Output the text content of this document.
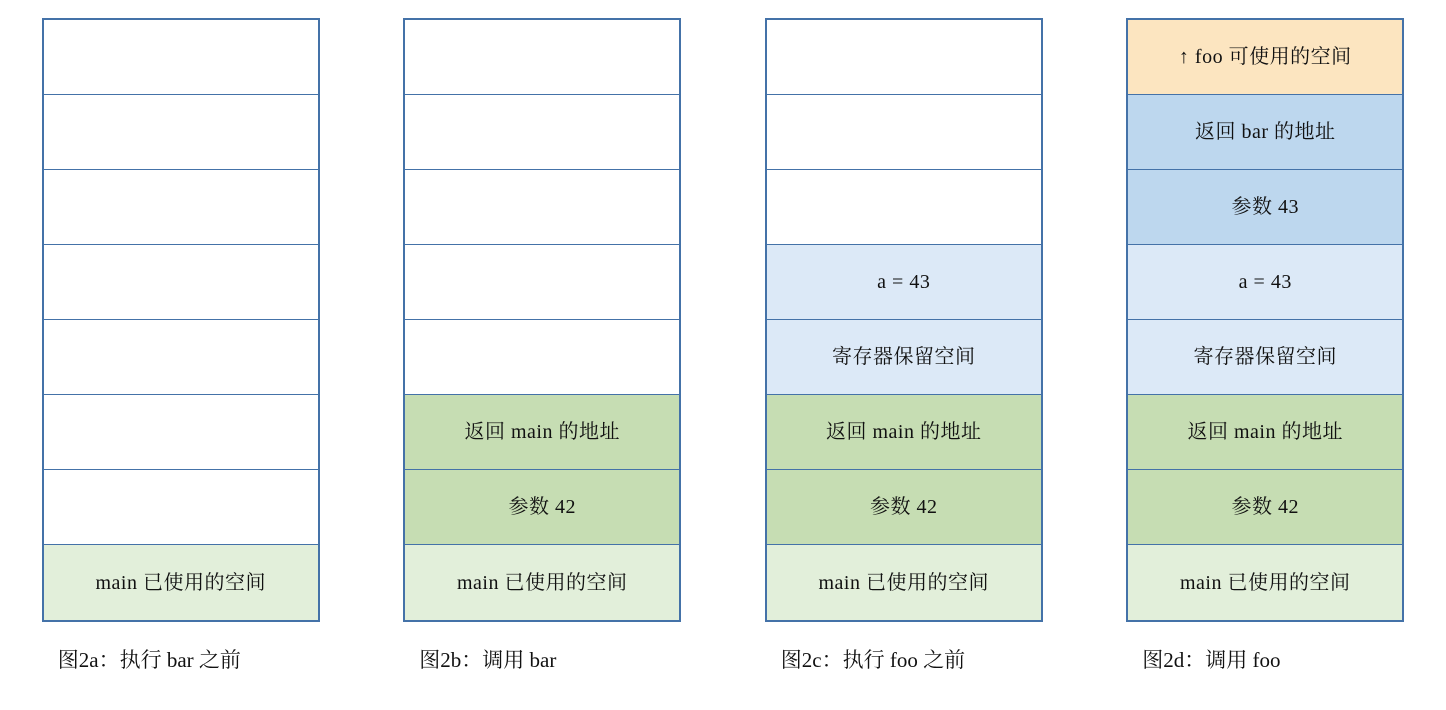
main 已使用的空间
图2a：执行 bar 之前
返回 main 的地址
参数 42
main 已使用的空间
图2b：调用 bar
a = 43
寄存器保留空间
返回 main 的地址
参数 42
main 已使用的空间
图2c：执行 foo 之前
↑ foo 可使用的空间
返回 bar 的地址
参数 43
a = 43
寄存器保留空间
返回 main 的地址
参数 42
main 已使用的空间
图2d：调用 foo
